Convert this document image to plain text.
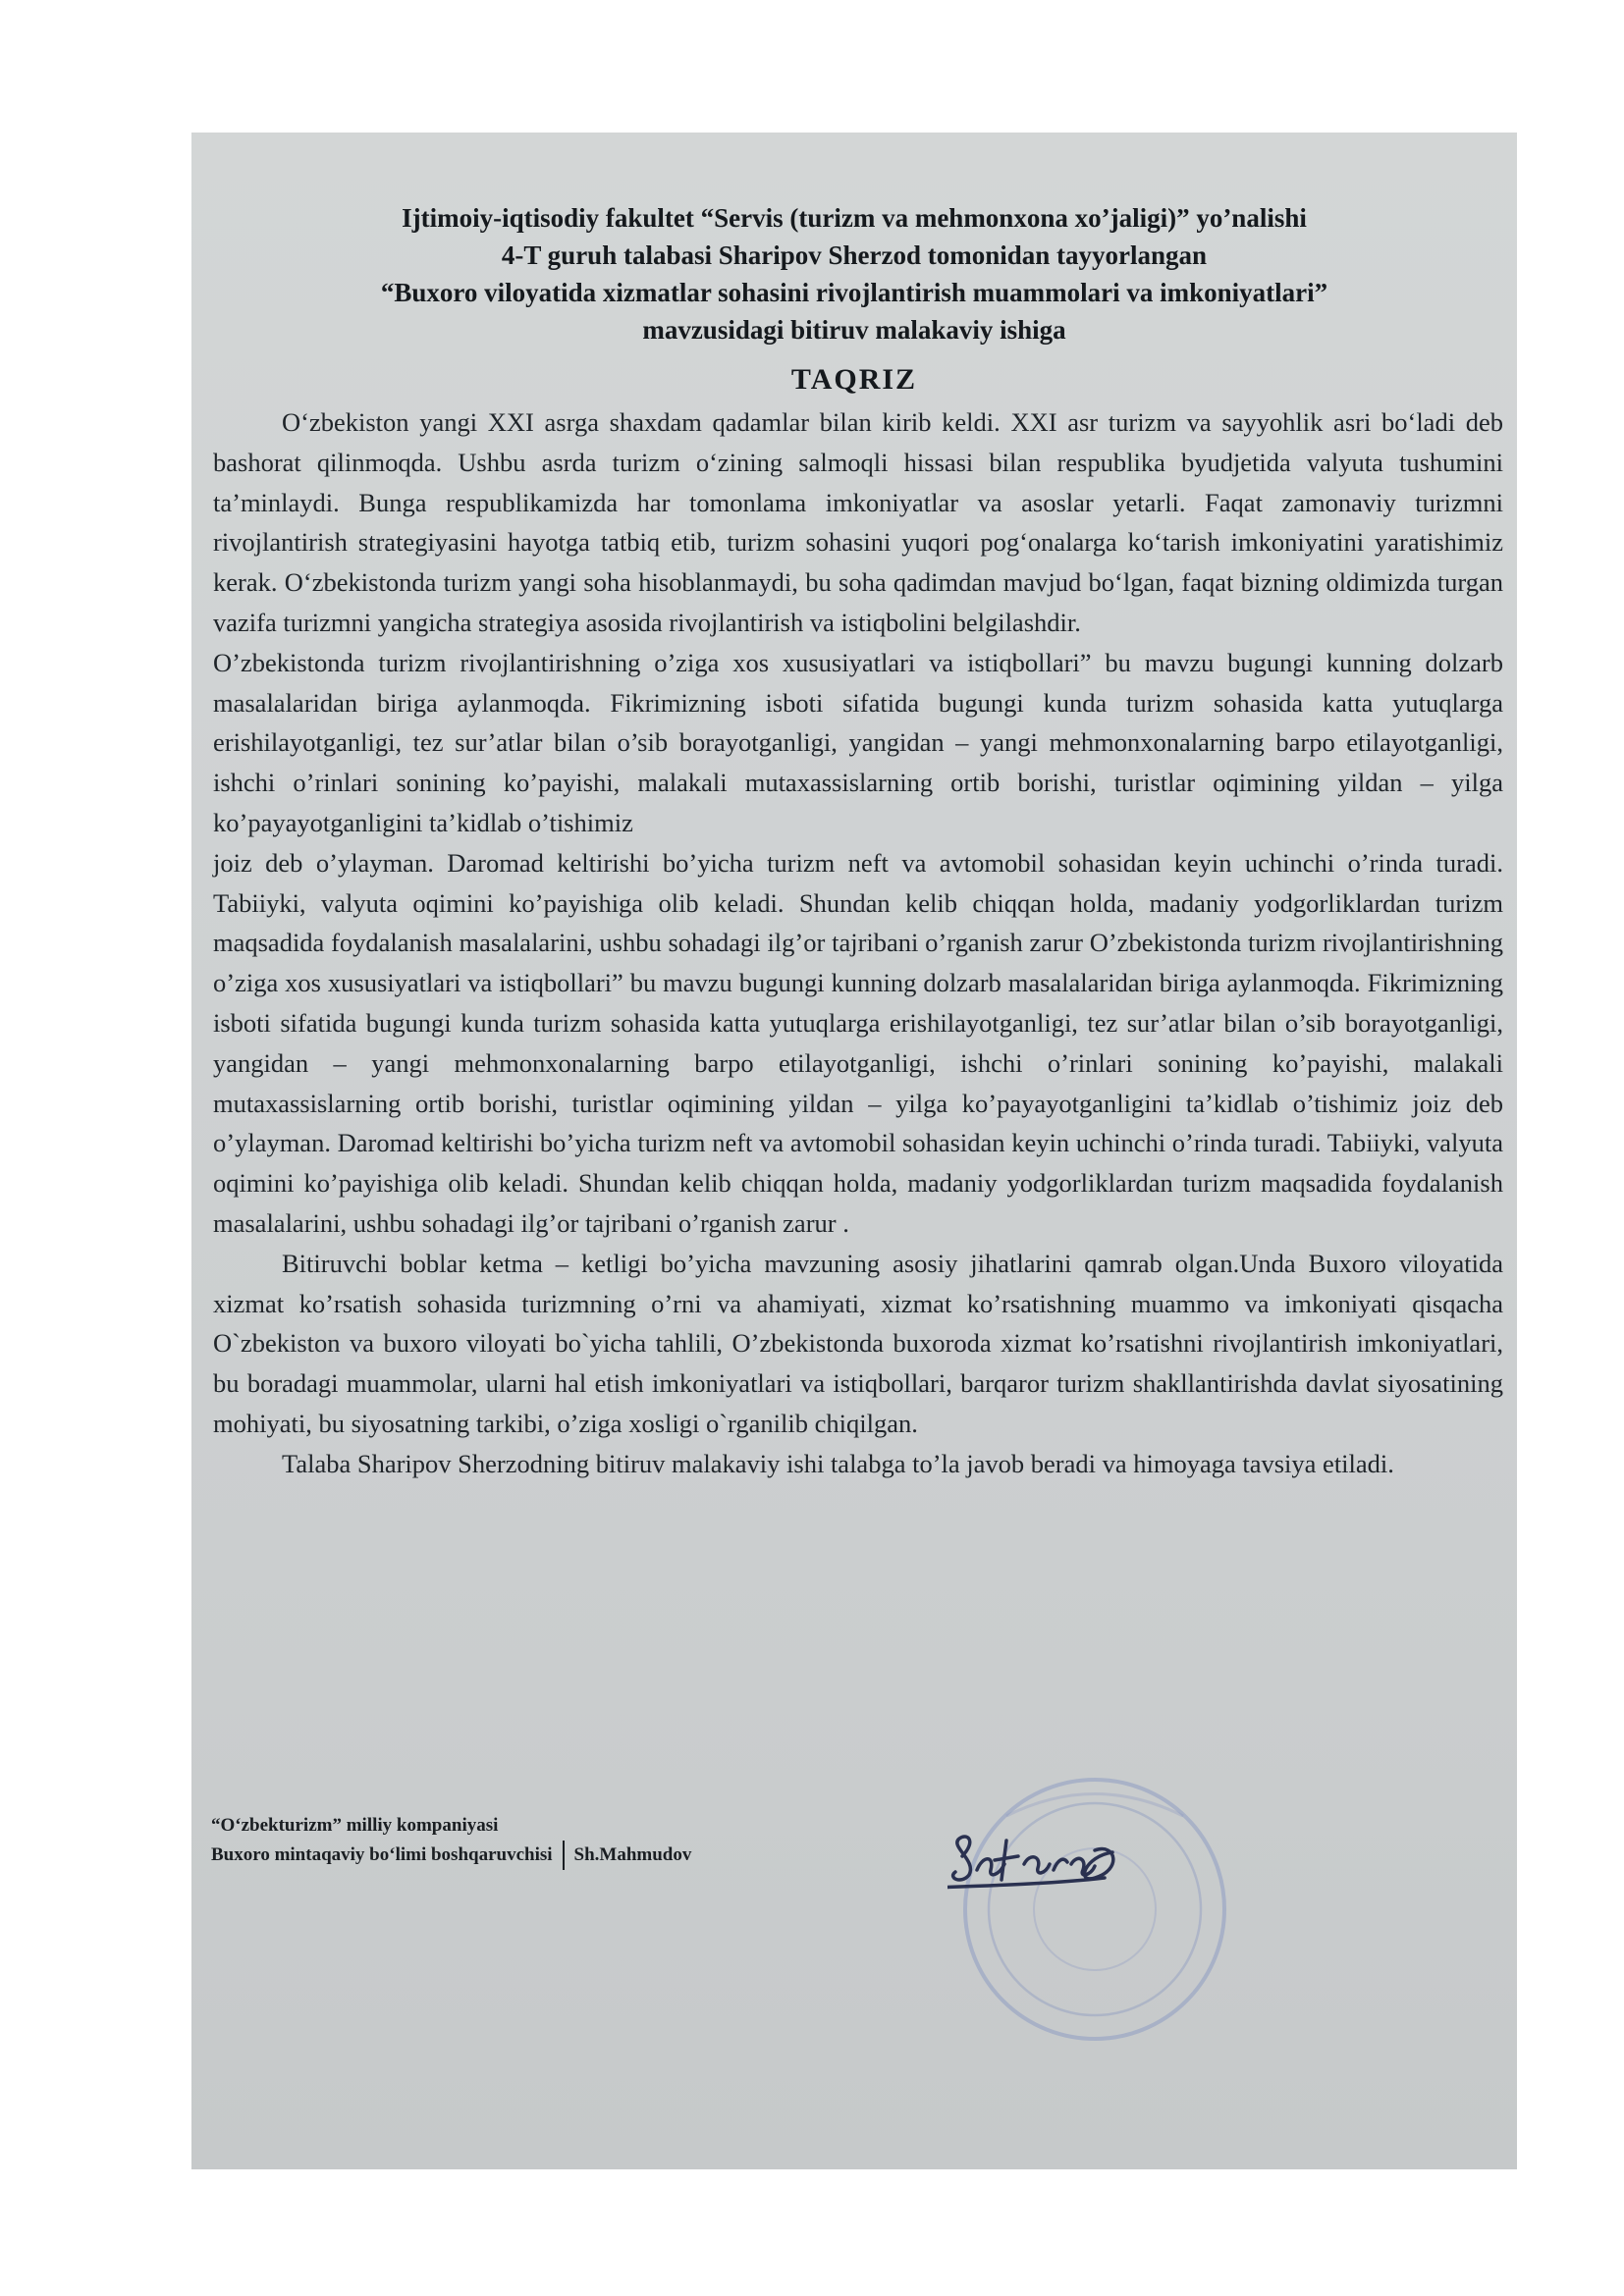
Ijtimoiy-iqtisodiy fakultet “Servis (turizm va mehmonxona xo’jaligi)” yo’nalishi
4-T guruh talabasi Sharipov Sherzod tomonidan tayyorlangan
“Buxoro viloyatida xizmatlar sohasini rivojlantirish muammolari va imkoniyatlari”
mavzusidagi bitiruv malakaviy ishiga
TAQRIZ

O‘zbekiston yangi XXI asrga shaxdam qadamlar bilan kirib keldi. XXI asr turizm va sayyohlik asri bo‘ladi deb bashorat qilinmoqda. Ushbu asrda turizm o‘zining salmoqli hissasi bilan respublika byudjetida valyuta tushumini ta’minlaydi. Bunga respublikamizda har tomonlama imkoniyatlar va asoslar yetarli. Faqat zamonaviy turizmni rivojlantirish strategiyasini hayotga tatbiq etib, turizm sohasini yuqori pog‘onalarga ko‘tarish imkoniyatini yaratishimiz kerak. O‘zbekistonda turizm yangi soha hisoblanmaydi, bu soha qadimdan mavjud bo‘lgan, faqat bizning oldimizda turgan vazifa turizmni yangicha strategiya asosida rivojlantirish va istiqbolini belgilashdir.

O’zbekistonda turizm rivojlantirishning o’ziga xos xususiyatlari va istiqbollari” bu mavzu bugungi kunning dolzarb masalalaridan biriga aylanmoqda. Fikrimizning isboti sifatida bugungi kunda turizm sohasida katta yutuqlarga erishilayotganligi, tez sur’atlar bilan o’sib borayotganligi, yangidan – yangi mehmonxonalarning barpo etilayotganligi, ishchi o’rinlari sonining ko’payishi, malakali mutaxassislarning ortib borishi, turistlar oqimining yildan – yilga ko’payayotganligini ta’kidlab o’tishimiz

joiz deb o’ylayman. Daromad keltirishi bo’yicha turizm neft va avtomobil sohasidan keyin uchinchi o’rinda turadi. Tabiiyki, valyuta oqimini ko’payishiga olib keladi. Shundan kelib chiqqan holda, madaniy yodgorliklardan turizm maqsadida foydalanish masalalarini, ushbu sohadagi ilg’or tajribani o’rganish zarur O’zbekistonda turizm rivojlantirishning o’ziga xos xususiyatlari va istiqbollari” bu mavzu bugungi kunning dolzarb masalalaridan biriga aylanmoqda. Fikrimizning isboti sifatida bugungi kunda turizm sohasida katta yutuqlarga erishilayotganligi, tez sur’atlar bilan o’sib borayotganligi, yangidan – yangi mehmonxonalarning barpo etilayotganligi, ishchi o’rinlari sonining ko’payishi, malakali mutaxassislarning ortib borishi, turistlar oqimining yildan – yilga ko’payayotganligini ta’kidlab o’tishimiz joiz deb o’ylayman. Daromad keltirishi bo’yicha turizm neft va avtomobil sohasidan keyin uchinchi o’rinda turadi. Tabiiyki, valyuta oqimini ko’payishiga olib keladi. Shundan kelib chiqqan holda, madaniy yodgorliklardan turizm maqsadida foydalanish masalalarini, ushbu sohadagi ilg’or tajribani o’rganish zarur .

Bitiruvchi boblar ketma – ketligi bo’yicha mavzuning asosiy jihatlarini qamrab olgan.Unda Buxoro viloyatida xizmat ko’rsatish sohasida turizmning o’rni va ahamiyati, xizmat ko’rsatishning muammo va imkoniyati qisqacha O`zbekiston va buxoro viloyati bo`yicha tahlili, O’zbekistonda buxoroda xizmat ko’rsatishni rivojlantirish imkoniyatlari, bu boradagi muammolar, ularni hal etish imkoniyatlari va istiqbollari, barqaror turizm shakllantirishda davlat siyosatining mohiyati, bu siyosatning tarkibi, o’ziga xosligi o`rganilib chiqilgan.

Talaba Sharipov Sherzodning bitiruv malakaviy ishi talabga to’la javob beradi va himoyaga tavsiya etiladi.

“O‘zbekturizm” milliy kompaniyasi
Buxoro mintaqaviy bo‘limi boshqaruvchisi Sh.Mahmudov
